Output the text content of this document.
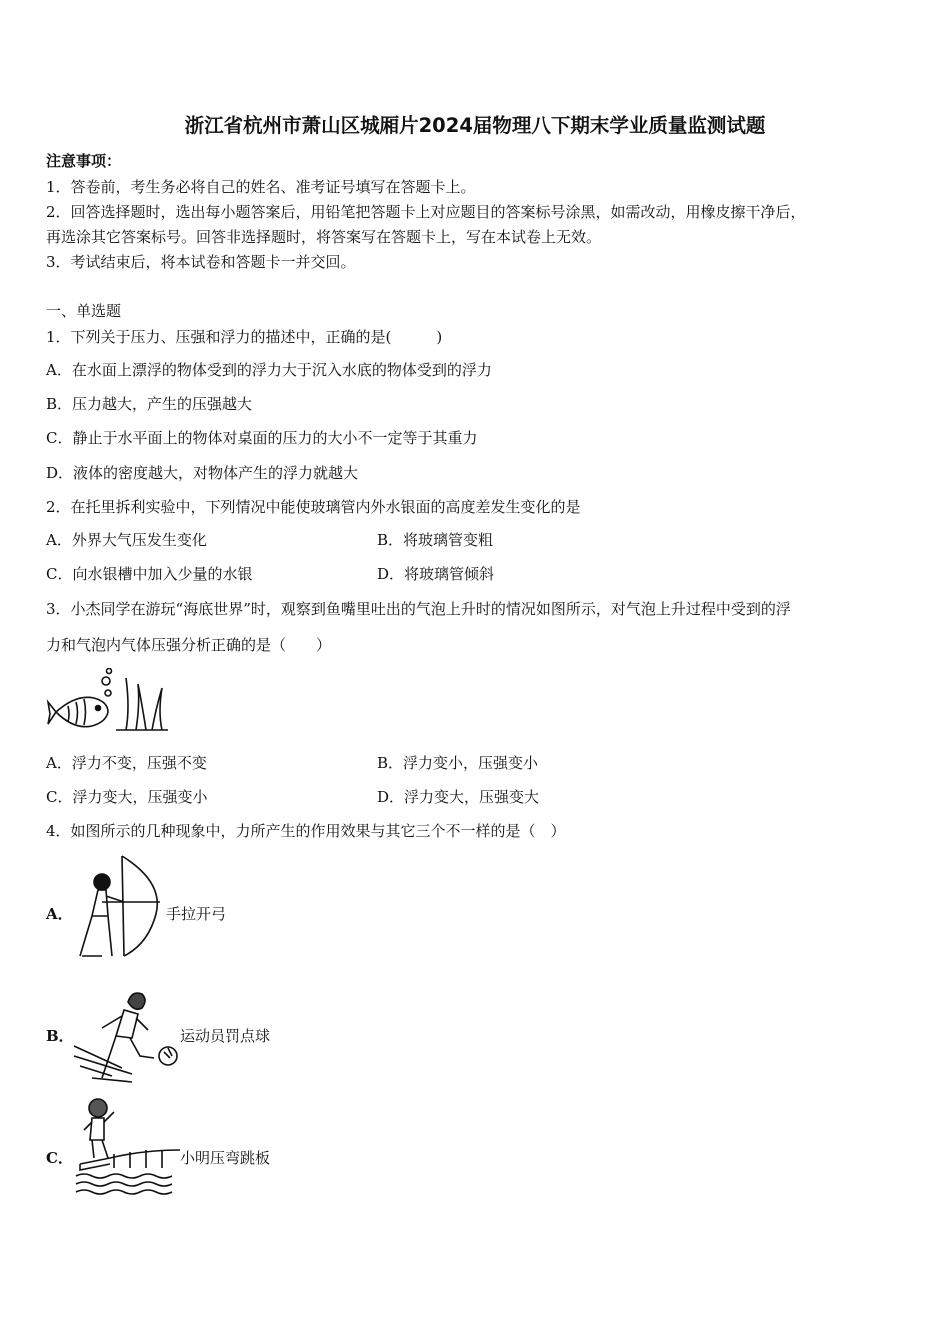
浙江省杭州市萧山区城厢片2024届物理八下期末学业质量监测试题
注意事项：
1．答卷前，考生务必将自己的姓名、准考证号填写在答题卡上。
2．回答选择题时，选出每小题答案后，用铅笔把答题卡上对应题目的答案标号涂黑，如需改动，用橡皮擦干净后，
再选涂其它答案标号。回答非选择题时，将答案写在答题卡上，写在本试卷上无效。
3．考试结束后，将本试卷和答题卡一并交回。
一、单选题
1．下列关于压力、压强和浮力的描述中，正确的是(　　　)
A．在水面上漂浮的物体受到的浮力大于沉入水底的物体受到的浮力
B．压力越大，产生的压强越大
C．静止于水平面上的物体对桌面的压力的大小不一定等于其重力
D．液体的密度越大，对物体产生的浮力就越大
2．在托里拆利实验中，下列情况中能使玻璃管内外水银面的高度差发生变化的是
A．外界大气压发生变化	B．将玻璃管变粗
C．向水银槽中加入少量的水银	D．将玻璃管倾斜
3．小杰同学在游玩“海底世界”时，观察到鱼嘴里吐出的气泡上升时的情况如图所示，对气泡上升过程中受到的浮
力和气泡内气体压强分析正确的是（　　）
A．浮力不变，压强不变	B．浮力变小，压强变小
C．浮力变大，压强变小	D．浮力变大，压强变大
4．如图所示的几种现象中，力所产生的作用效果与其它三个不一样的是（　）
A．	手拉开弓
B．	运动员罚点球
C．	小明压弯跳板
